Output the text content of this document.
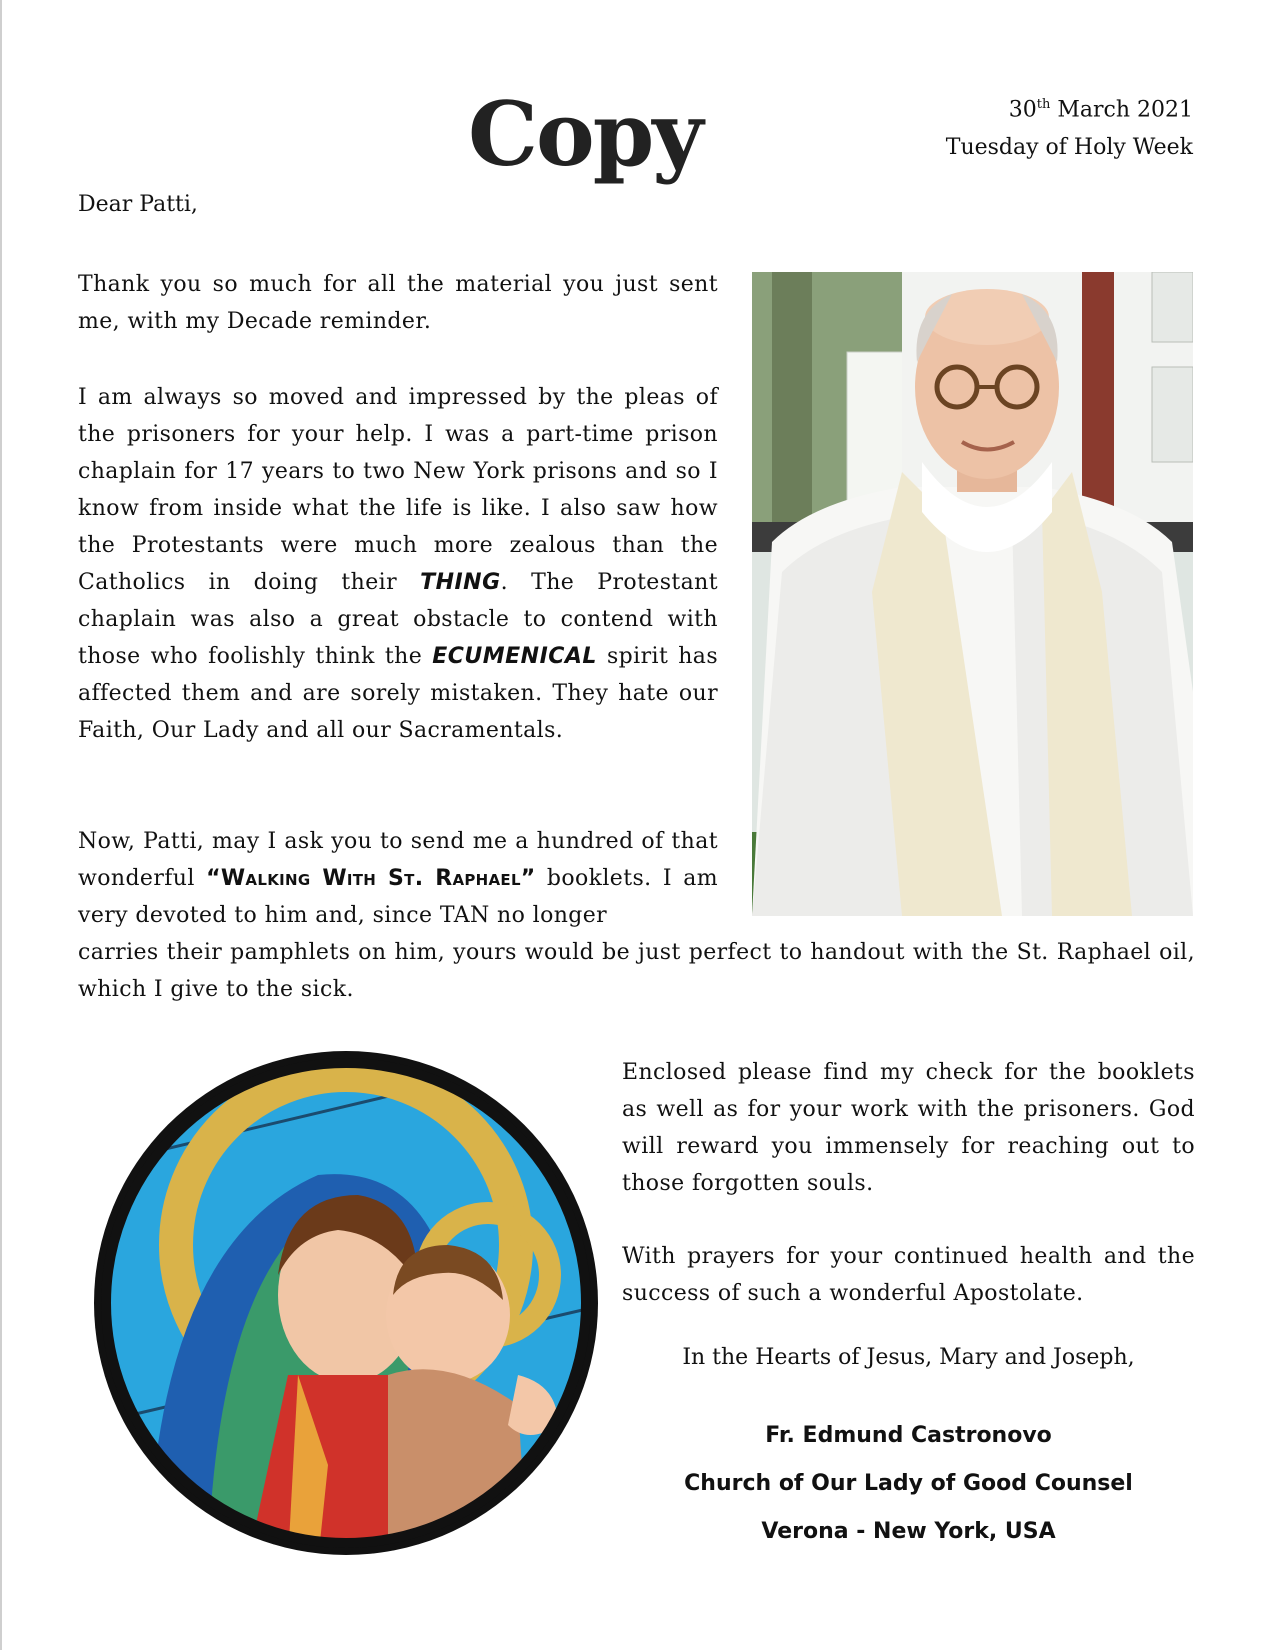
Copy	30th March 2021
Tuesday of Holy Week
Dear Patti,

Thank you so much for all the material you just sent me, with my Decade reminder.

I am always so moved and impressed by the pleas of the prisoners for your help. I was a part-time prison chaplain for 17 years to two New York prisons and so I know from inside what the life is like. I also saw how the Protestants were much more zealous than the Catholics in doing their THING. The Protestant chaplain was also a great obstacle to contend with those who foolishly think the ECUMENICAL spirit has affected them and are sorely mistaken. They hate our Faith, Our Lady and all our Sacramentals.

Now, Patti, may I ask you to send me a hundred of that wonderful “Walking With St. Raphael” booklets. I am very devoted to him and, since TAN no longer
carries their pamphlets on him, yours would be just perfect to handout with the St. Raphael oil, which I give to the sick.

Enclosed please find my check for the booklets as well as for your work with the prisoners. God will reward you immensely for reaching out to those forgotten souls.

With prayers for your continued health and the success of such a wonderful Apostolate.

In the Hearts of Jesus, Mary and Joseph,
Fr. Edmund Castronovo
Church of Our Lady of Good Counsel
Verona - New York, USA
